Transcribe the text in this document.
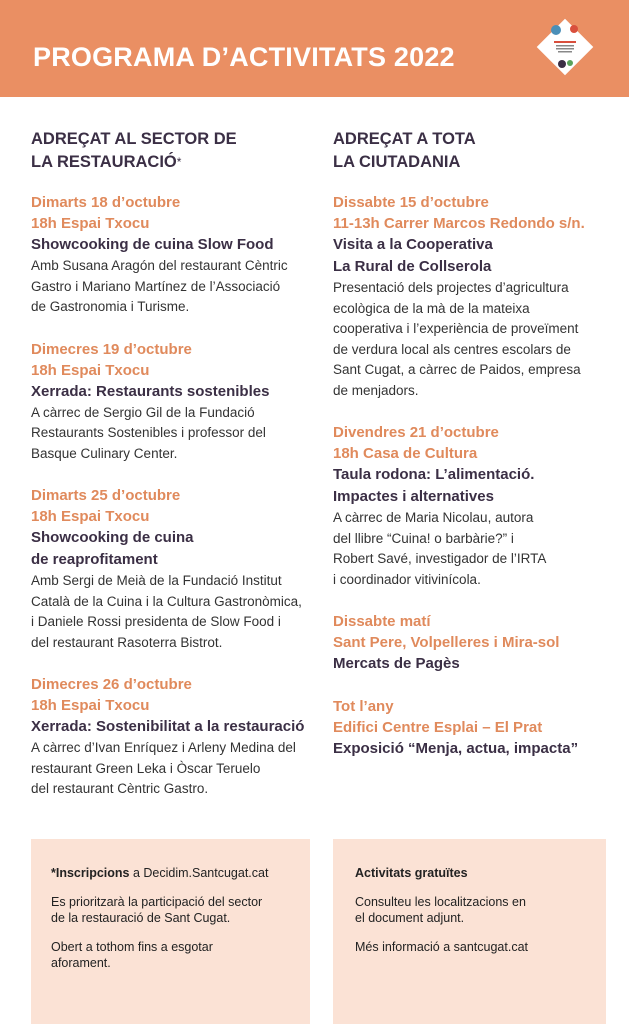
PROGRAMA D’ACTIVITATS 2022
ADREÇAT AL SECTOR DE
LA RESTAURACIÓ*
Dimarts 18 d’octubre
18h Espai Txocu
Showcooking de cuina Slow Food
Amb Susana Aragón del restaurant Cèntric
Gastro i Mariano Martínez de l’Associació
de Gastronomia i Turisme.
Dimecres 19 d’octubre
18h Espai Txocu
Xerrada: Restaurants sostenibles
A càrrec de Sergio Gil de la Fundació
Restaurants Sostenibles i professor del
Basque Culinary Center.
Dimarts 25 d’octubre
18h Espai Txocu
Showcooking de cuina
de reaprofitament
Amb Sergi de Meià de la Fundació Institut
Català de la Cuina i la Cultura Gastronòmica,
i Daniele Rossi presidenta de Slow Food i
del restaurant Rasoterra Bistrot.
Dimecres 26 d’octubre
18h Espai Txocu
Xerrada: Sostenibilitat a la restauració
A càrrec d’Ivan Enríquez i Arleny Medina del
restaurant Green Leka i Òscar Teruelo
del restaurant Cèntric Gastro.
ADREÇAT A TOTA
LA CIUTADANIA
Dissabte 15 d’octubre
11-13h Carrer Marcos Redondo s/n.
Visita a la Cooperativa
La Rural de Collserola
Presentació dels projectes d’agricultura
ecològica de la mà de la mateixa
cooperativa i l’experiència de proveïment
de verdura local als centres escolars de
Sant Cugat, a càrrec de Paidos, empresa
de menjadors.
Divendres 21 d’octubre
18h Casa de Cultura
Taula rodona: L’alimentació.
Impactes i alternatives
A càrrec de Maria Nicolau, autora
del llibre “Cuina! o barbàrie?” i
Robert Savé, investigador de l’IRTA
i coordinador vitivinícola.
Dissabte matí
Sant Pere, Volpelleres i Mira-sol
Mercats de Pagès
Tot l’any
Edifici Centre Esplai – El Prat
Exposició “Menja, actua, impacta”

*Inscripcions a Decidim.Santcugat.cat

Es prioritzarà la participació del sector
de la restauració de Sant Cugat.

Obert a tothom fins a esgotar
aforament.

Activitats gratuïtes

Consulteu les localitzacions en
el document adjunt.

Més informació a santcugat.cat
